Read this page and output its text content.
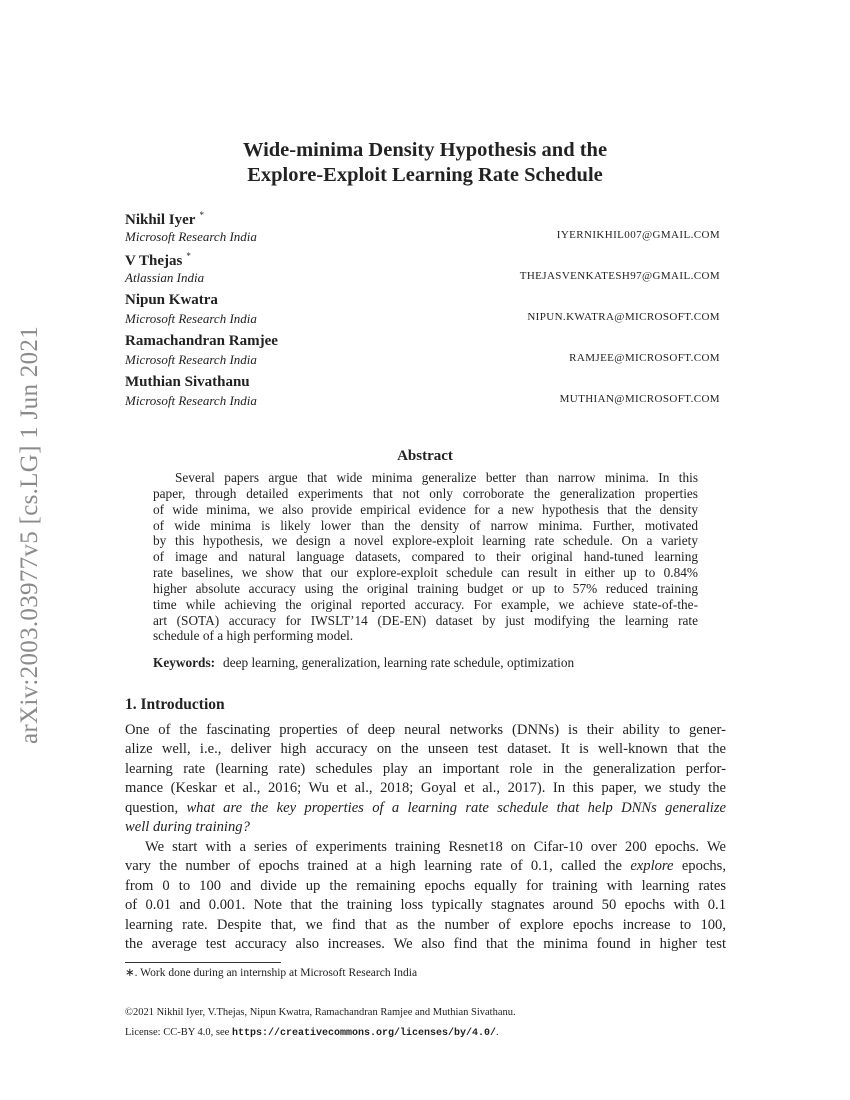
arXiv:2003.03977v5 [cs.LG] 1 Jun 2021
Wide-minima Density Hypothesis and the
Explore-Exploit Learning Rate Schedule
Nikhil Iyer *
Microsoft Research India	IYERNIKHIL007@GMAIL.COM
V Thejas *
Atlassian India	THEJASVENKATESH97@GMAIL.COM
Nipun Kwatra
Microsoft Research India	NIPUN.KWATRA@MICROSOFT.COM
Ramachandran Ramjee
Microsoft Research India	RAMJEE@MICROSOFT.COM
Muthian Sivathanu
Microsoft Research India	MUTHIAN@MICROSOFT.COM
Abstract
Several papers argue that wide minima generalize better than narrow minima. In this
paper, through detailed experiments that not only corroborate the generalization properties
of wide minima, we also provide empirical evidence for a new hypothesis that the density
of wide minima is likely lower than the density of narrow minima. Further, motivated
by this hypothesis, we design a novel explore-exploit learning rate schedule. On a variety
of image and natural language datasets, compared to their original hand-tuned learning
rate baselines, we show that our explore-exploit schedule can result in either up to 0.84%
higher absolute accuracy using the original training budget or up to 57% reduced training
time while achieving the original reported accuracy. For example, we achieve state-of-the-
art (SOTA) accuracy for IWSLT’14 (DE-EN) dataset by just modifying the learning rate
schedule of a high performing model.
Keywords: deep learning, generalization, learning rate schedule, optimization
1. Introduction
One of the fascinating properties of deep neural networks (DNNs) is their ability to gener-
alize well, i.e., deliver high accuracy on the unseen test dataset. It is well-known that the
learning rate (learning rate) schedules play an important role in the generalization perfor-
mance (Keskar et al., 2016; Wu et al., 2018; Goyal et al., 2017). In this paper, we study the
question, what are the key properties of a learning rate schedule that help DNNs generalize
well during training?
We start with a series of experiments training Resnet18 on Cifar-10 over 200 epochs. We
vary the number of epochs trained at a high learning rate of 0.1, called the explore epochs,
from 0 to 100 and divide up the remaining epochs equally for training with learning rates
of 0.01 and 0.001. Note that the training loss typically stagnates around 50 epochs with 0.1
learning rate. Despite that, we find that as the number of explore epochs increase to 100,
the average test accuracy also increases. We also find that the minima found in higher test
∗. Work done during an internship at Microsoft Research India
©2021 Nikhil Iyer, V.Thejas, Nipun Kwatra, Ramachandran Ramjee and Muthian Sivathanu.
License: CC-BY 4.0, see https://creativecommons.org/licenses/by/4.0/.
